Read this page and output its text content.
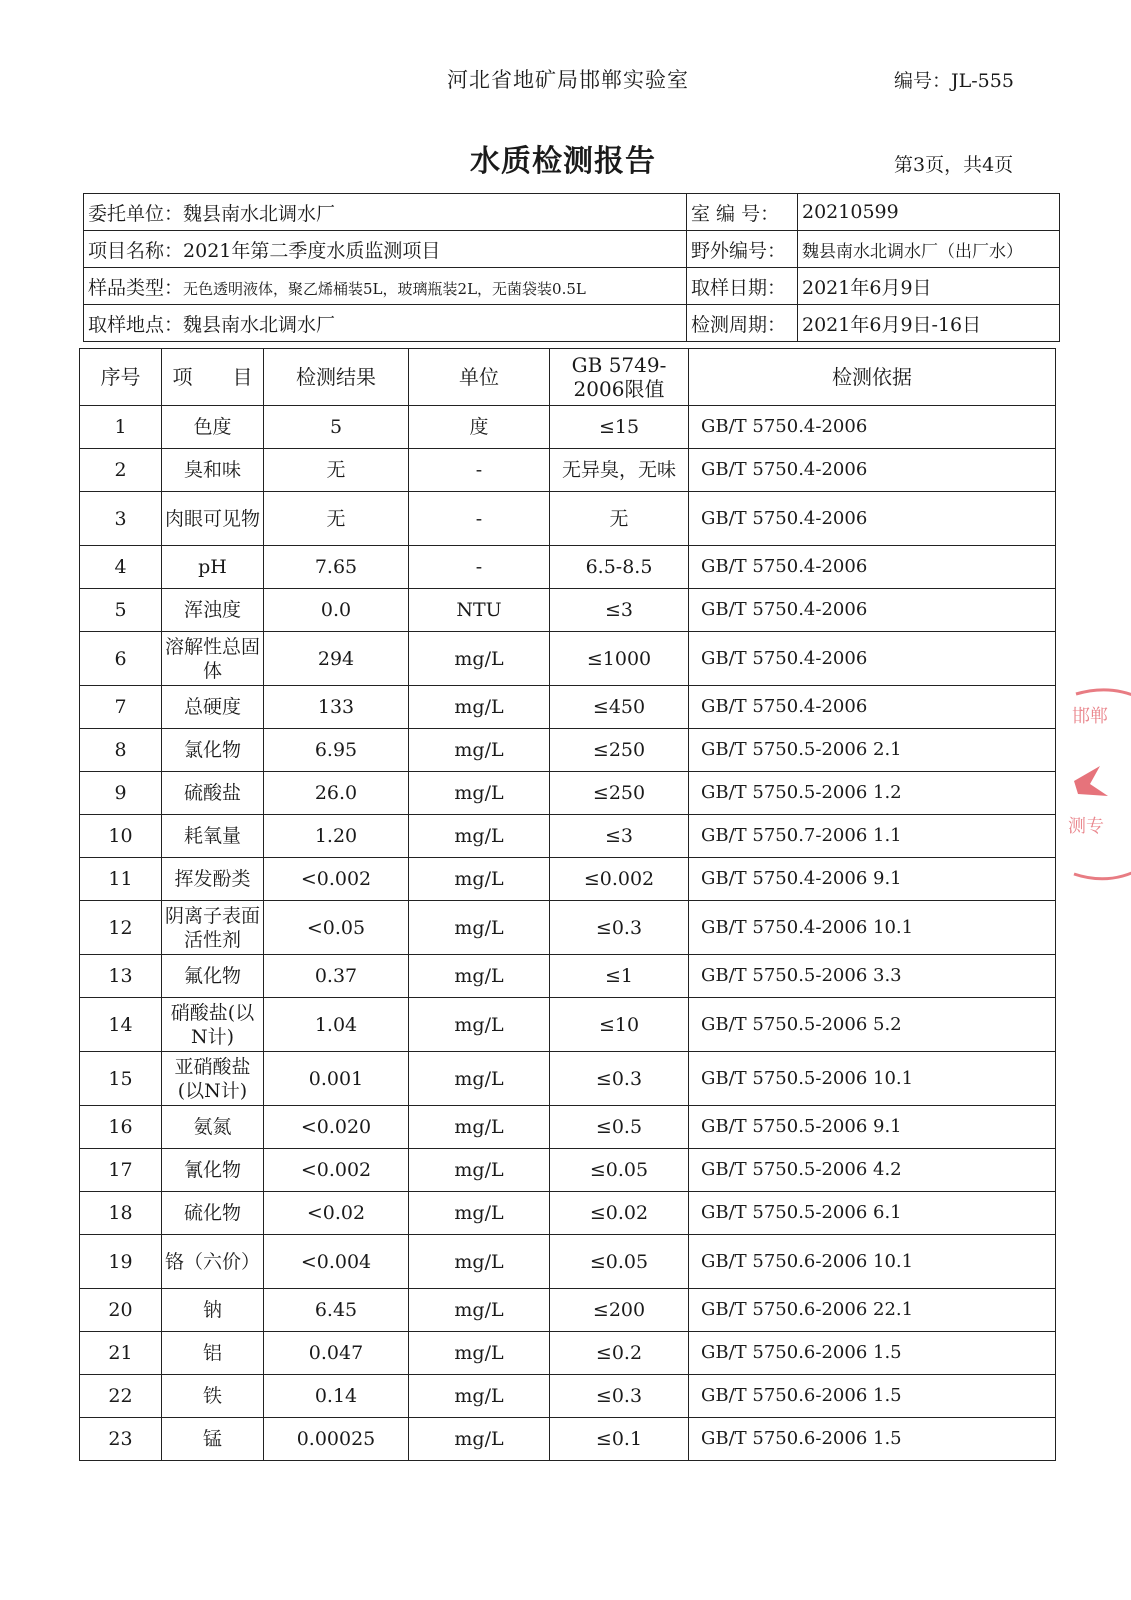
河北省地矿局邯郸实验室	编号：JL-555
水质检测报告	第3页，共4页
委托单位：魏县南水北调水厂	室 编 号：	20210599
项目名称：2021年第二季度水质监测项目	野外编号：	魏县南水北调水厂（出厂水）
样品类型：无色透明液体，聚乙烯桶装5L，玻璃瓶装2L，无菌袋装0.5L	取样日期：	2021年6月9日
取样地点：魏县南水北调水厂	检测周期：	2021年6月9日-16日
序号	项　　目	检测结果	单位	GB 5749-2006限值	检测依据
1	色度	5	度	≤15	GB/T 5750.4-2006
2	臭和味	无	-	无异臭，无味	GB/T 5750.4-2006
3	肉眼可见物	无	-	无	GB/T 5750.4-2006
4	pH	7.65	-	6.5-8.5	GB/T 5750.4-2006
5	浑浊度	0.0	NTU	≤3	GB/T 5750.4-2006
6	溶解性总固体	294	mg/L	≤1000	GB/T 5750.4-2006
7	总硬度	133	mg/L	≤450	GB/T 5750.4-2006
8	氯化物	6.95	mg/L	≤250	GB/T 5750.5-2006 2.1
9	硫酸盐	26.0	mg/L	≤250	GB/T 5750.5-2006 1.2
10	耗氧量	1.20	mg/L	≤3	GB/T 5750.7-2006 1.1
11	挥发酚类	<0.002	mg/L	≤0.002	GB/T 5750.4-2006 9.1
12	阴离子表面活性剂	<0.05	mg/L	≤0.3	GB/T 5750.4-2006 10.1
13	氟化物	0.37	mg/L	≤1	GB/T 5750.5-2006 3.3
14	硝酸盐(以N计)	1.04	mg/L	≤10	GB/T 5750.5-2006 5.2
15	亚硝酸盐(以N计)	0.001	mg/L	≤0.3	GB/T 5750.5-2006 10.1
16	氨氮	<0.020	mg/L	≤0.5	GB/T 5750.5-2006 9.1
17	氰化物	<0.002	mg/L	≤0.05	GB/T 5750.5-2006 4.2
18	硫化物	<0.02	mg/L	≤0.02	GB/T 5750.5-2006 6.1
19	铬（六价）	<0.004	mg/L	≤0.05	GB/T 5750.6-2006 10.1
20	钠	6.45	mg/L	≤200	GB/T 5750.6-2006 22.1
21	铝	0.047	mg/L	≤0.2	GB/T 5750.6-2006 1.5
22	铁	0.14	mg/L	≤0.3	GB/T 5750.6-2006 1.5
23	锰	0.00025	mg/L	≤0.1	GB/T 5750.6-2006 1.5
邯郸
测专
